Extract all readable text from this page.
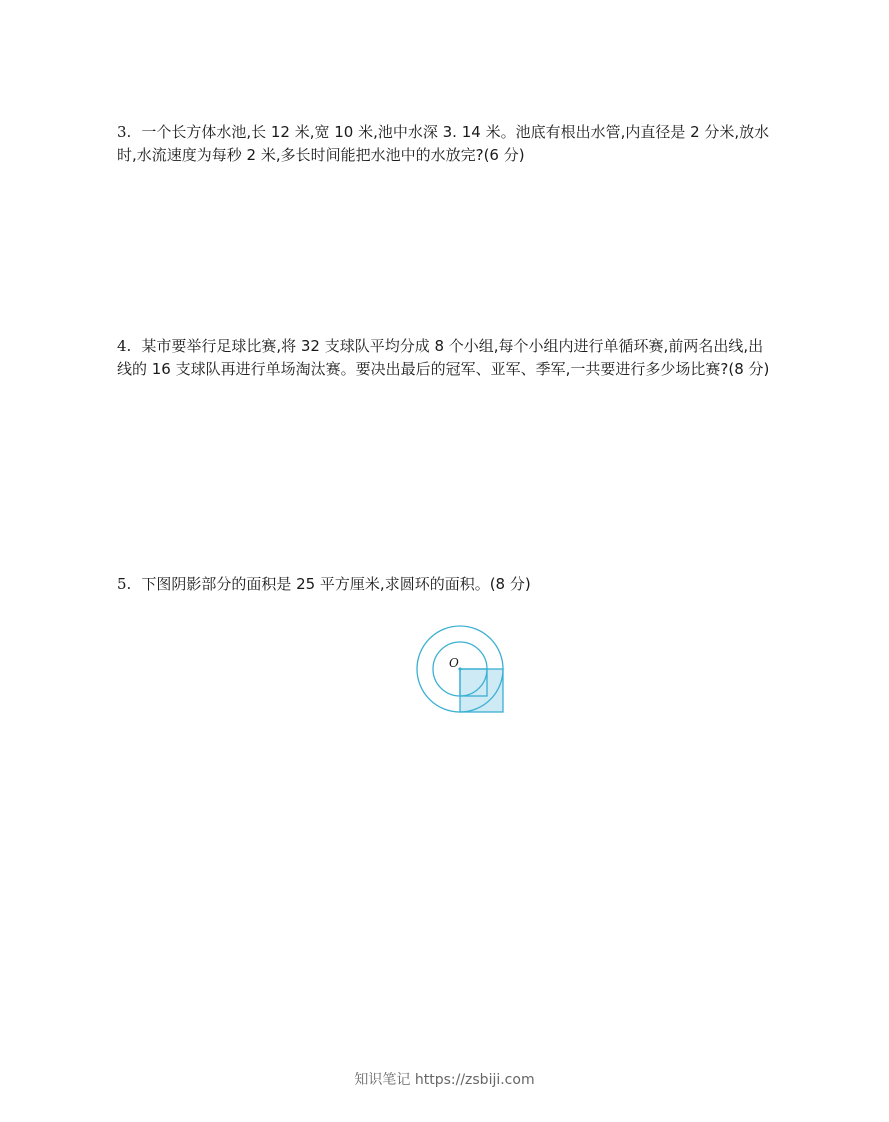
3. 一个长方体水池,长 12 米,宽 10 米,池中水深 3. 14 米。池底有根出水管,内直径是 2 分米,放水时,水流速度为每秒 2 米,多长时间能把水池中的水放完?(6 分)
4. 某市要举行足球比赛,将 32 支球队平均分成 8 个小组,每个小组内进行单循环赛,前两名出线,出线的 16 支球队再进行单场淘汰赛。要决出最后的冠军、亚军、季军,一共要进行多少场比赛?(8 分)
5. 下图阴影部分的面积是 25 平方厘米,求圆环的面积。(8 分)
O
知识笔记 https://zsbiji.com
